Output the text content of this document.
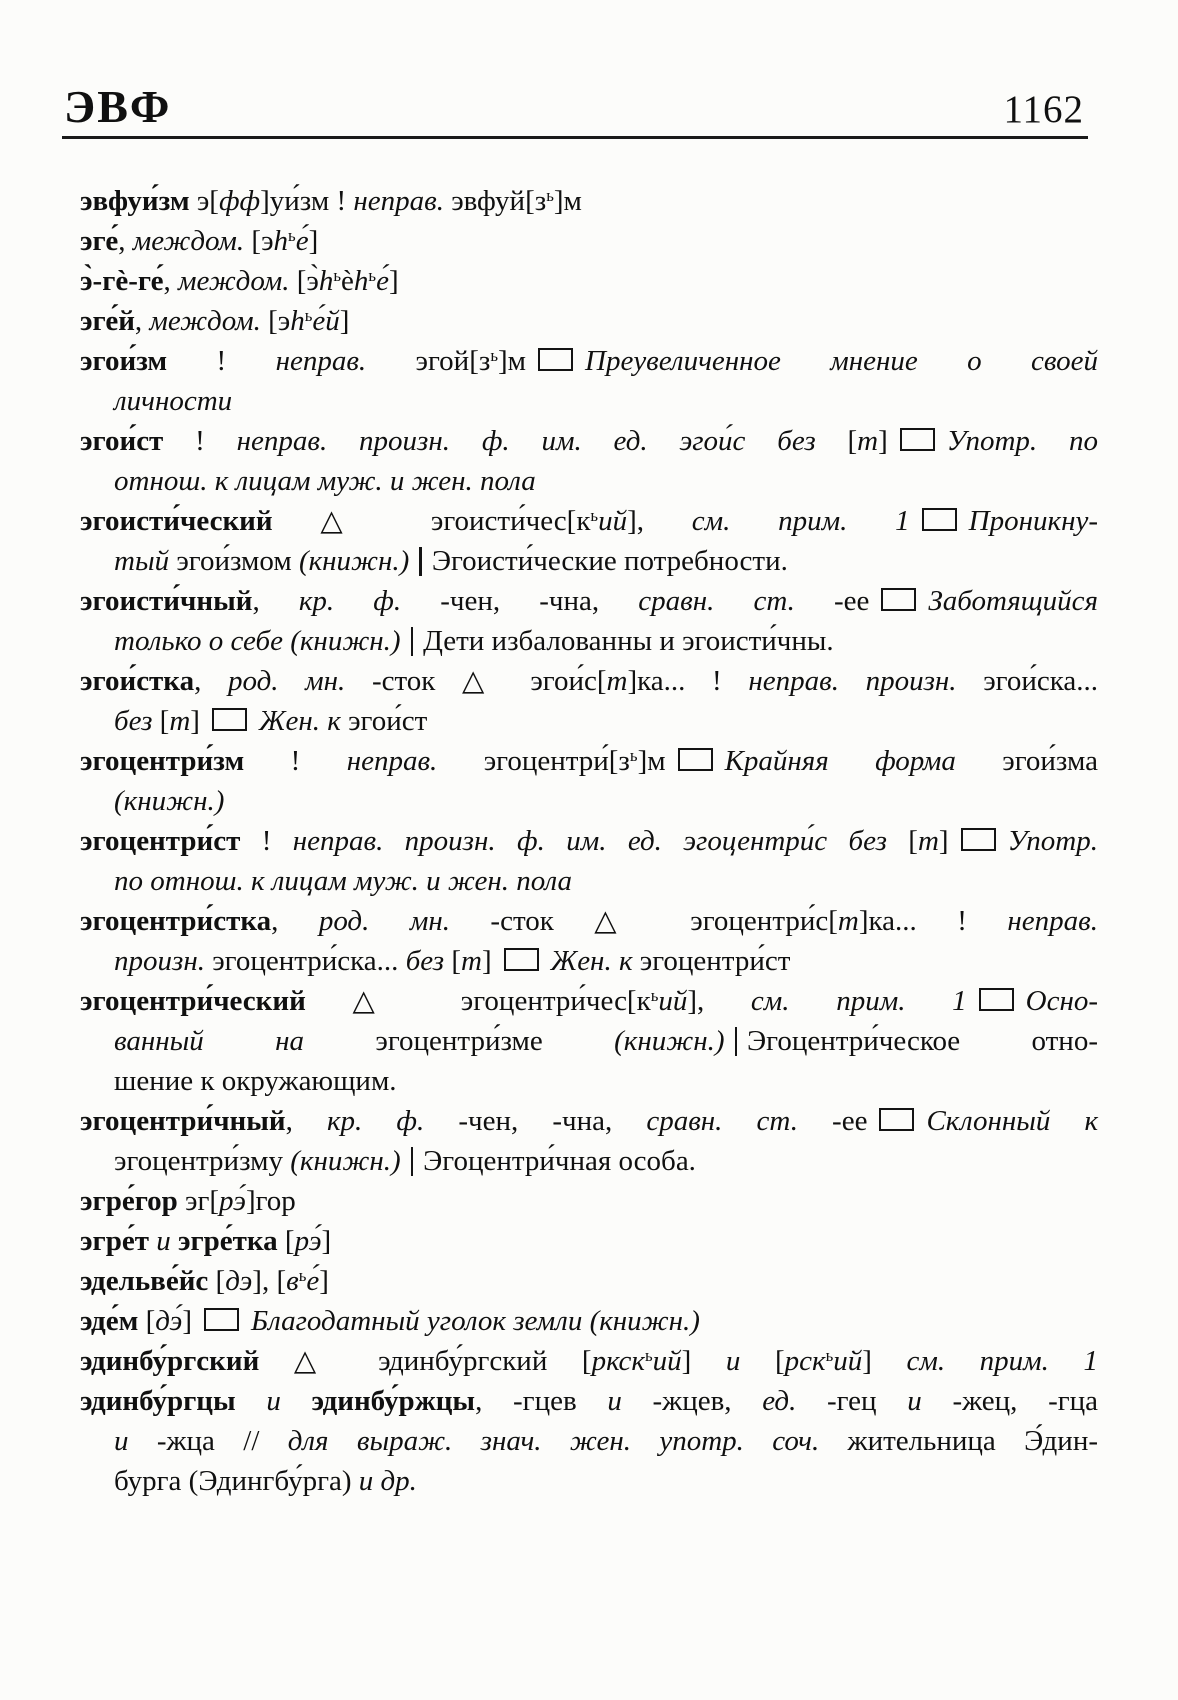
ЭВФ	1162
эвфуи́зм э[фф]уи́зм ! неправ. $эвфуй[з^ь]м$
эге́, междом. $[эh^ье́]$
э̀-гѐ-ге́, междом. $[э̀h^ьѐh^ье́]$
эге́й, междом. $[эh^ье́й]$
эгои́зм ! неправ. $эгой[з^ь]м$ Преувеличенное мнение о своей
личности
эгои́ст ! неправ. произн. ф. им. ед. эгои́с без [т] Употр. по
отнош. к лицам муж. и жен. пола
эгоисти́ческий △ $эгоисти́чес[к^ьий]$, см. прим. 1 Проникну-
тый эгои́змом (книжн.) Эгоисти́ческие потребности.
эгоисти́чный, кр. ф. -чен, -чна, сравн. ст. -ее Заботящийся
только о себе (книжн.) Дети избалованны и эгоисти́чны.
эгои́стка, род. мн. -сток △ эгои́с[т]ка... ! неправ. произн. эгои́ска...
без [т] Жен. к эгои́ст
эгоцентри́зм ! неправ. $эгоцентри́[з^ь]м$ Крайняя форма эгои́зма
(книжн.)
эгоцентри́ст ! неправ. произн. ф. им. ед. эгоцентри́с без [т] Употр.
по отнош. к лицам муж. и жен. пола
эгоцентри́стка, род. мн. -сток △ эгоцентри́с[т]ка... ! неправ.
произн. эгоцентри́ска... без [т] Жен. к эгоцентри́ст
эгоцентри́ческий △ $эгоцентри́чес[к^ьий]$, см. прим. 1 Осно-
ванный на эгоцентри́зме (книжн.) Эгоцентри́ческое отно-
шение к окружающим.
эгоцентри́чный, кр. ф. -чен, -чна, сравн. ст. -ее Склонный к
эгоцентри́зму (книжн.) Эгоцентри́чная особа.
эгре́гор эг[рэ́]гор
эгре́т и эгре́тка [рэ́]
эдельве́йс [дэ], $[в^ье́]$
эде́м [дэ́] Благодатный уголок земли (книжн.)
эдинбу́ргский △ эдинбу́ргский [ркск$^ь$ий] и [рск$^ь$ий] см. прим. 1
эдинбу́ргцы и эдинбу́ржцы, -гцев и -жцев, ед. -гец и -жец, -гца
и -жца // для выраж. знач. жен. употр. соч. жительница Э́дин-
бурга (Эдингбу́рга) и др.
